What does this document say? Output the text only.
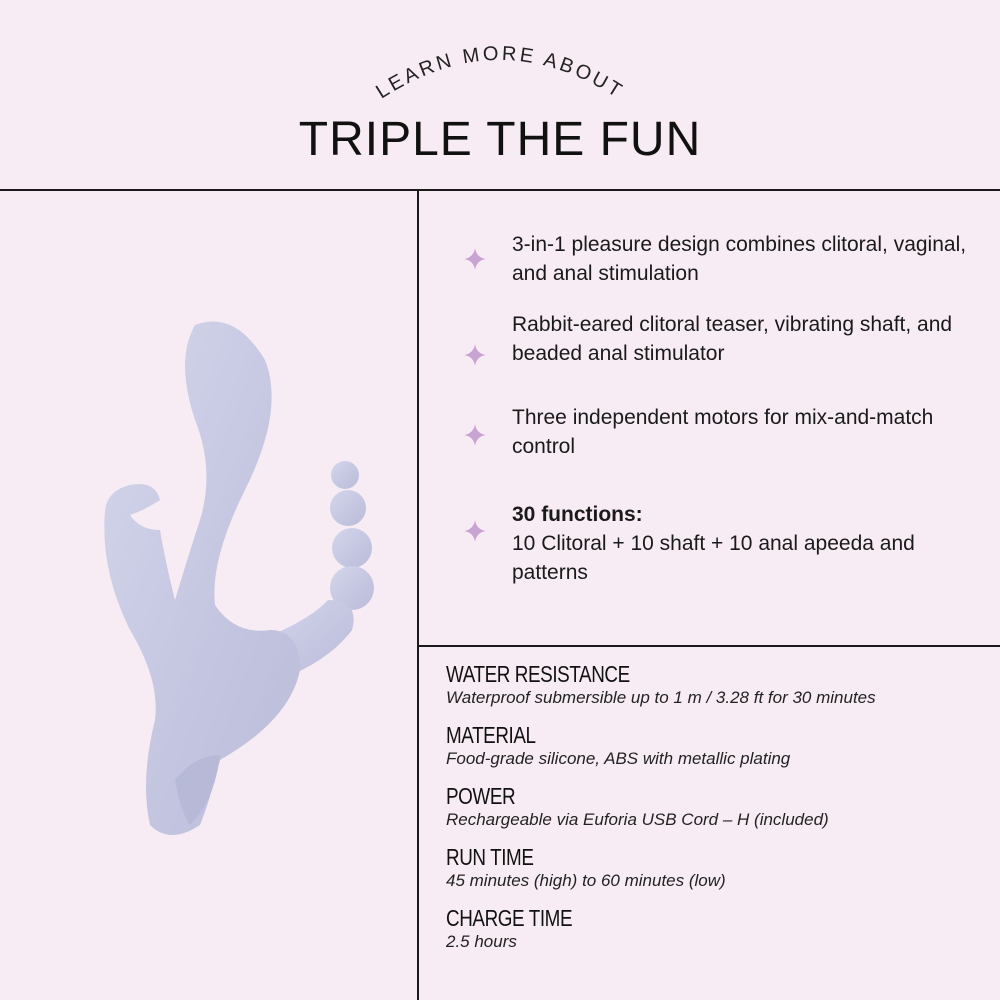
LEARN MORE ABOUT
TRIPLE THE FUN
3-in-1 pleasure design combines clitoral, vaginal, and anal stimulation
Rabbit-eared clitoral teaser, vibrating shaft, and beaded anal stimulator
Three independent motors for mix-and-match control
30 functions:
10 Clitoral + 10 shaft + 10 anal apeeda and patterns
WATER RESISTANCE
Waterproof submersible up to 1 m / 3.28 ft for 30 minutes
MATERIAL
Food-grade silicone, ABS with metallic plating
POWER
Rechargeable via Euforia USB Cord – H (included)
RUN TIME
45 minutes (high) to 60 minutes (low)
CHARGE TIME
2.5 hours
